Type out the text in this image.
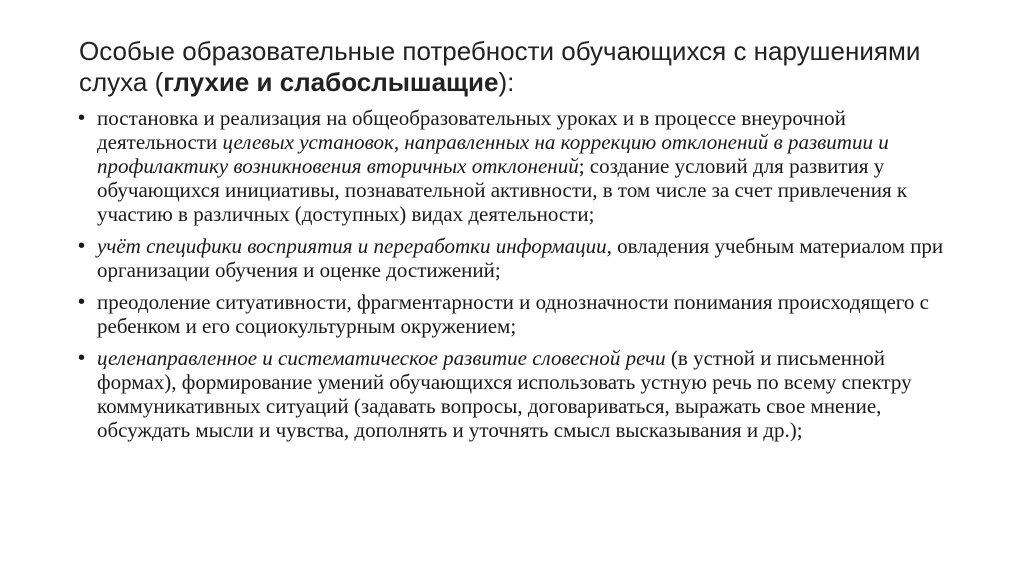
Особые образовательные потребности обучающихся с нарушениями слуха (глухие и слабослышащие):
• постановка и реализация на общеобразовательных уроках и в процессе внеурочной деятельности целевых установок, направленных на коррекцию отклонений в развитии и профилактику возникновения вторичных отклонений; создание условий для развития у обучающихся инициативы, познавательной активности, в том числе за счет привлечения к участию в различных (доступных) видах деятельности;
• учёт специфики восприятия и переработки информации, овладения учебным материалом при организации обучения и оценке достижений;
• преодоление ситуативности, фрагментарности и однозначности понимания происходящего с ребенком и его социокультурным окружением;
• целенаправленное и систематическое развитие словесной речи (в устной и письменной формах), формирование умений обучающихся использовать устную речь по всему спектру коммуникативных ситуаций (задавать вопросы, договариваться, выражать свое мнение, обсуждать мысли и чувства, дополнять и уточнять смысл высказывания и др.);
